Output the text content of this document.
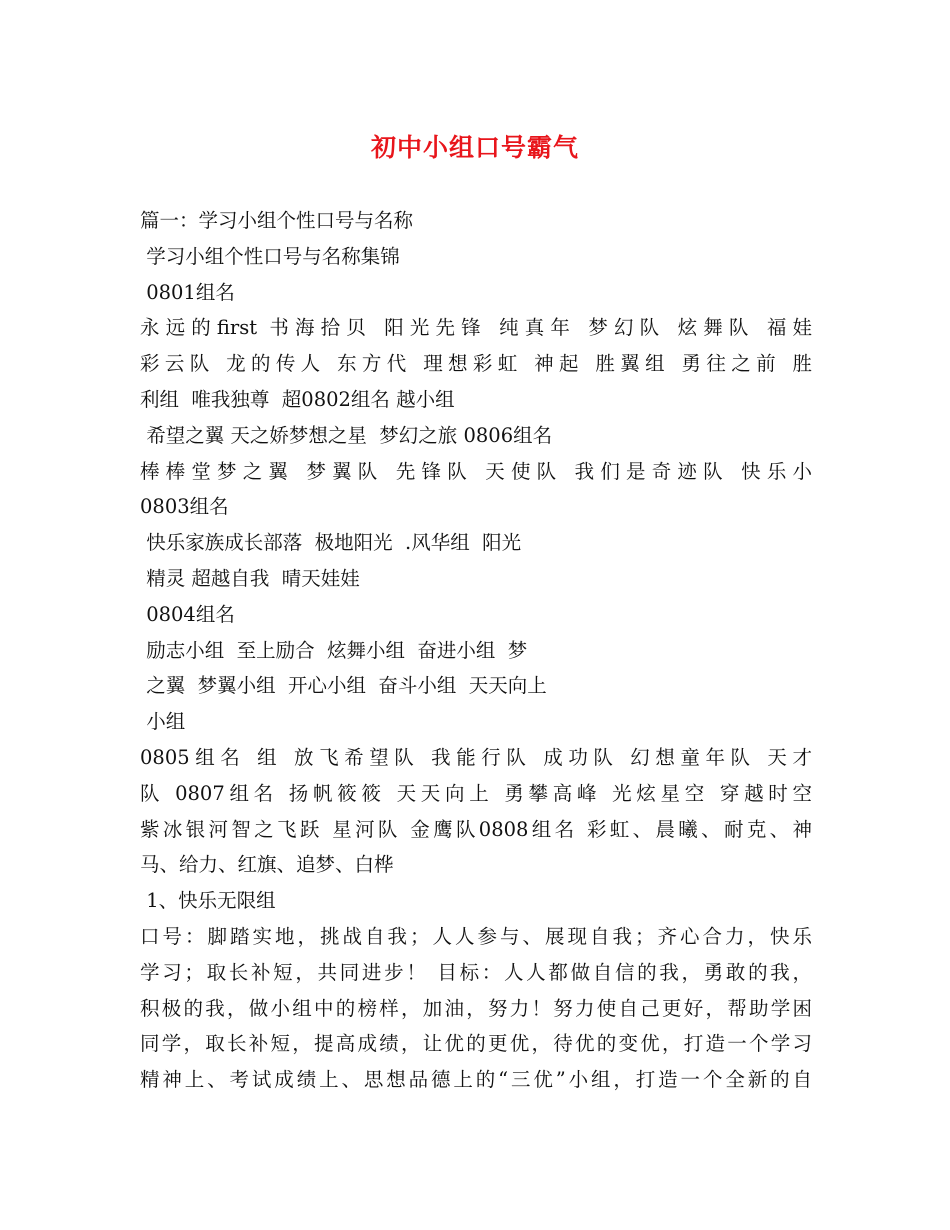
初中小组口号霸气
篇一：学习小组个性口号与名称
学习小组个性口号与名称集锦
0801组名
永远的first 书海拾贝 阳光先锋 纯真年 梦幻队 炫舞队 福娃
彩云队 龙的传人 东方代 理想彩虹 神起 胜翼组 勇往之前 胜
利组  唯我独尊  超0802组名 越小组
希望之翼 天之娇梦想之星  梦幻之旅 0806组名
棒棒堂梦之翼 梦翼队 先锋队 天使队 我们是奇迹队 快乐小
0803组名
快乐家族成长部落  极地阳光  .风华组  阳光
精灵 超越自我  晴天娃娃
0804组名
励志小组  至上励合  炫舞小组  奋进小组  梦
之翼  梦翼小组  开心小组  奋斗小组  天天向上
小组
0805组名 组 放飞希望队 我能行队 成功队 幻想童年队 天才
队 0807组名 扬帆筱筱 天天向上 勇攀高峰 光炫星空 穿越时空
紫冰银河智之飞跃 星河队 金鹰队0808组名 彩虹、晨曦、耐克、神
马、给力、红旗、追梦、白桦
1、快乐无限组
口号：脚踏实地，挑战自我；人人参与、展现自我；齐心合力，快乐
学习；取长补短，共同进步！ 目标：人人都做自信的我，勇敢的我，
积极的我，做小组中的榜样，加油，努力！努力使自己更好，帮助学困
同学，取长补短，提高成绩，让优的更优，待优的变优，打造一个学习
精神上、考试成绩上、思想品德上的“三优”小组，打造一个全新的自
